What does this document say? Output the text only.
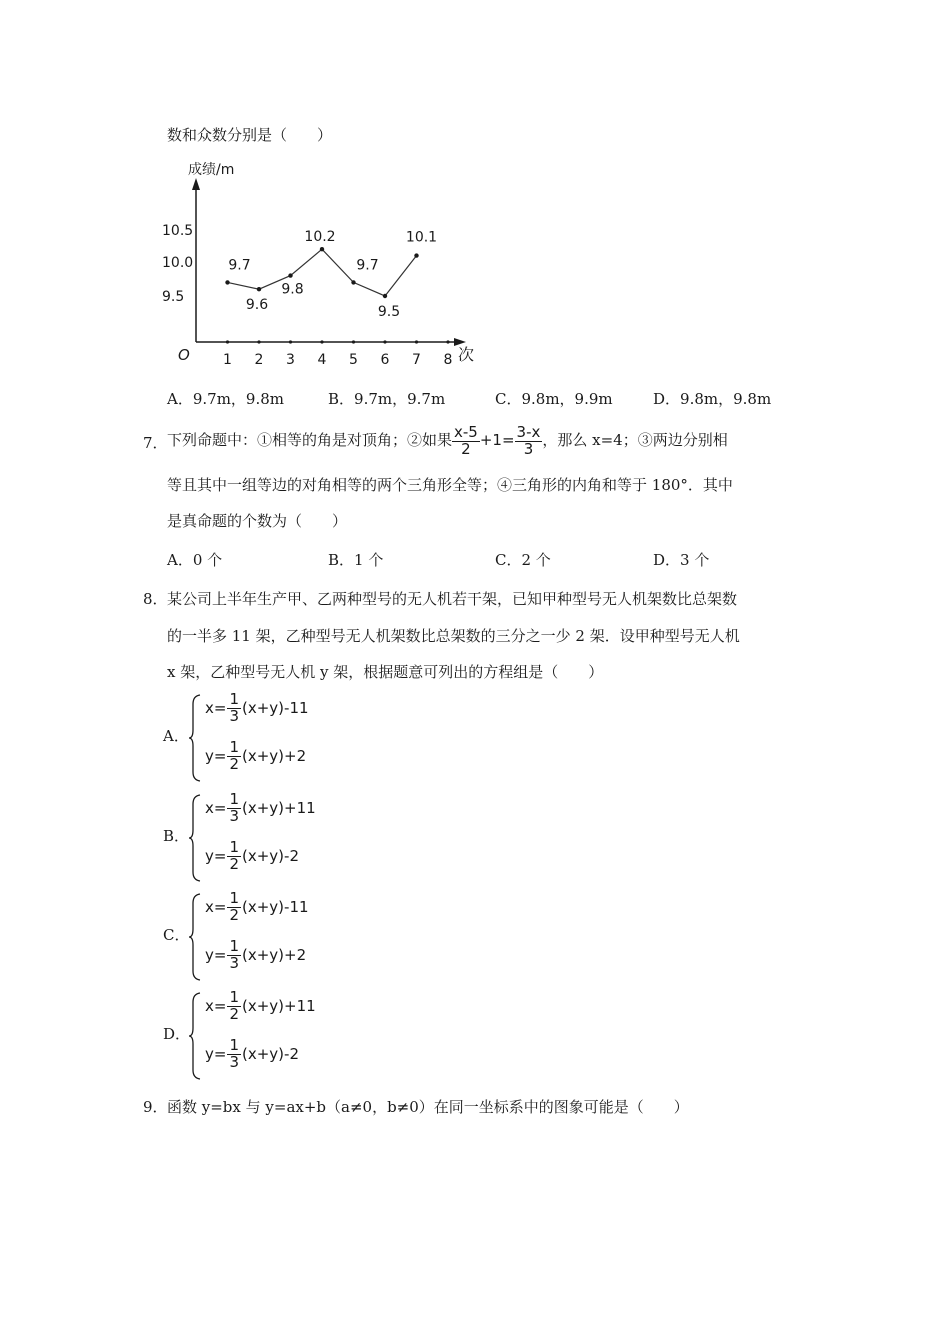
数和众数分别是（　　）
成绩/m
次
O 1 2 3 4 5 6 7 8
9.5
10.0
10.5
9.7
9.6
9.8
10.2
9.7
9.5
10.1
A．9.7m，9.8m	B．9.7m，9.7m	C．9.8m，9.9m	D．9.8m，9.8m
7． 下列命题中：①相等的角是对顶角；②如果 $\frac{x-5}{2} +1= \frac{3-x}{3}$ ，那么 x=4；③两边分别相
等且其中一组等边的对角相等的两个三角形全等；④三角形的内角和等于 180°．其中
是真命题的个数为（　　）
A．0 个	B．1 个	C．2 个	D．3 个
8． 某公司上半年生产甲、乙两种型号的无人机若干架，已知甲种型号无人机架数比总架数
的一半多 11 架，乙种型号无人机架数比总架数的三分之一少 2 架．设甲种型号无人机
x 架，乙种型号无人机 y 架，根据题意可列出的方程组是（　　）
A．
$x= \frac{1}{3} (x+y)-11$
$y= \frac{1}{2} (x+y)+2$
B．
$x= \frac{1}{3} (x+y)+11$
$y= \frac{1}{2} (x+y)-2$
C．
$x= \frac{1}{2} (x+y)-11$
$y= \frac{1}{3} (x+y)+2$
D．
$x= \frac{1}{2} (x+y)+11$
$y= \frac{1}{3} (x+y)-2$
9． 函数 y=bx 与 y=ax+b（a≠0，b≠0）在同一坐标系中的图象可能是（　　）
